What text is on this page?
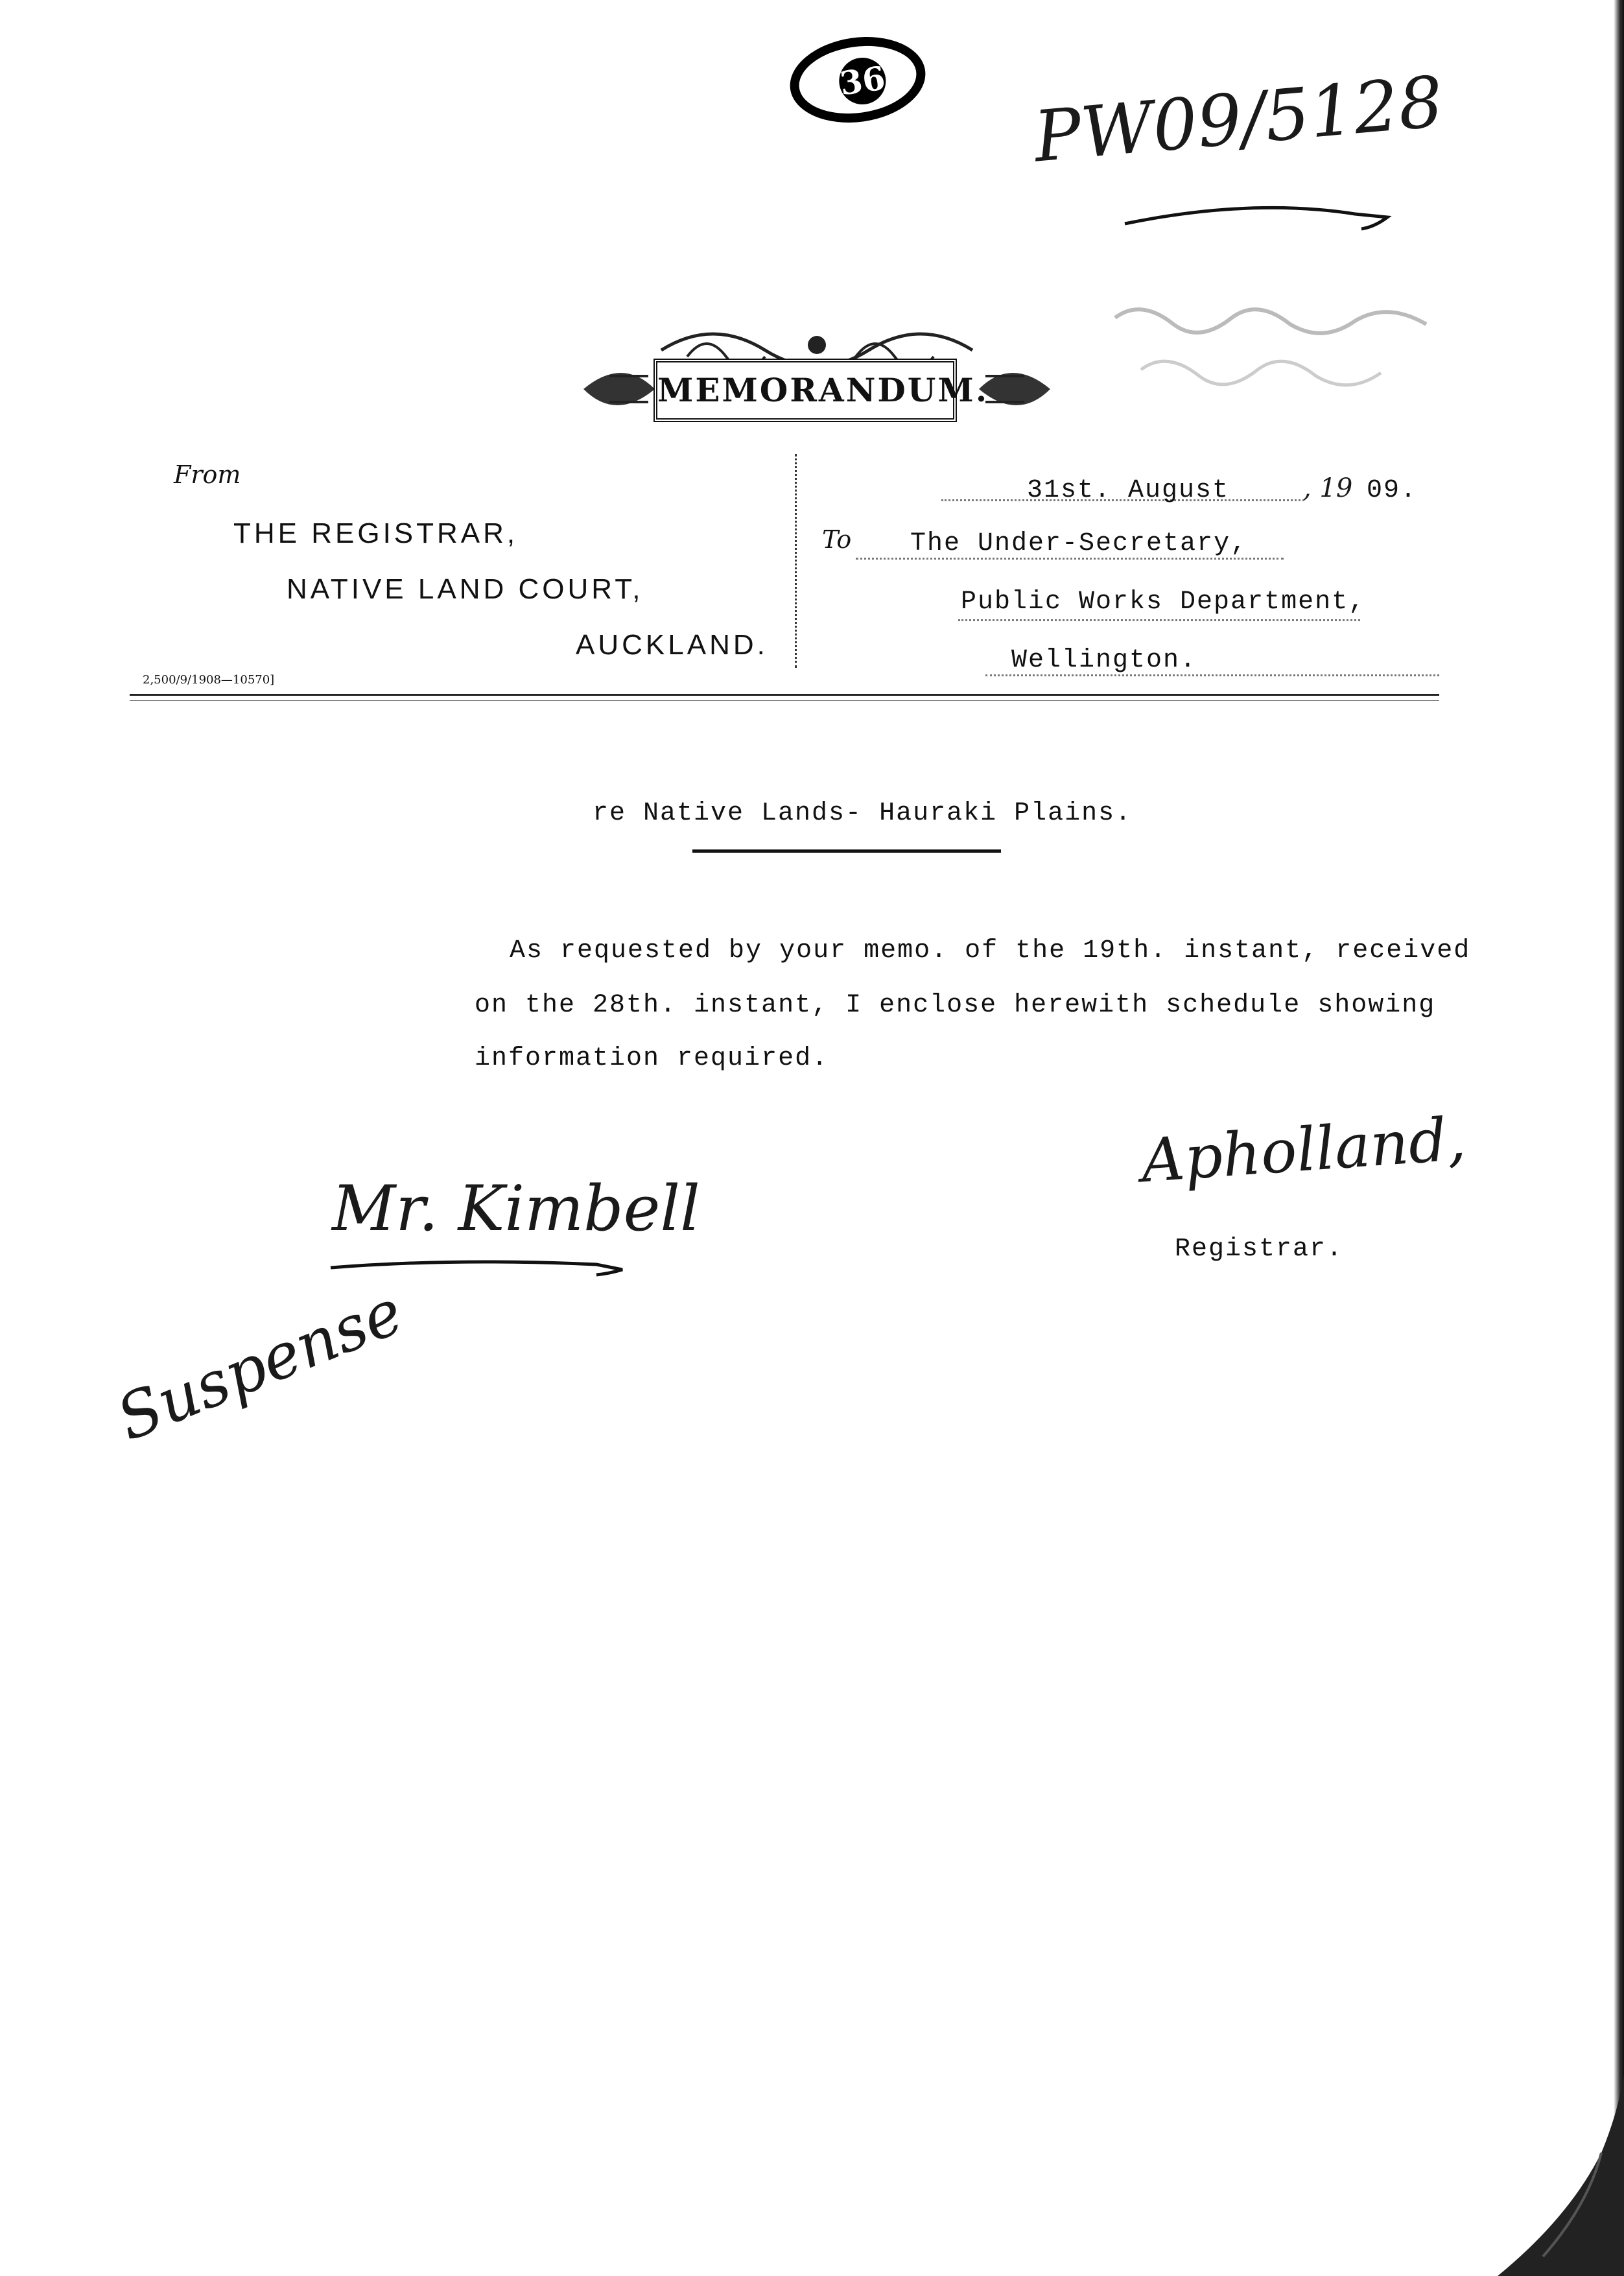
36 PW09/5128
MEMORANDUM.
From
THE REGISTRAR,
NATIVE LAND COURT,
AUCKLAND.
31st. August	, 19 09.
To The Under-Secretary,
Public Works Department,
Wellington.
2,500/9/1908—10570]
re Native Lands- Hauraki Plains.
As requested by your memo. of the 19th. instant, received
on the 28th. instant, I enclose herewith schedule showing
information required.
Apholland,
Registrar.
Mr. Kimbell
Suspense
